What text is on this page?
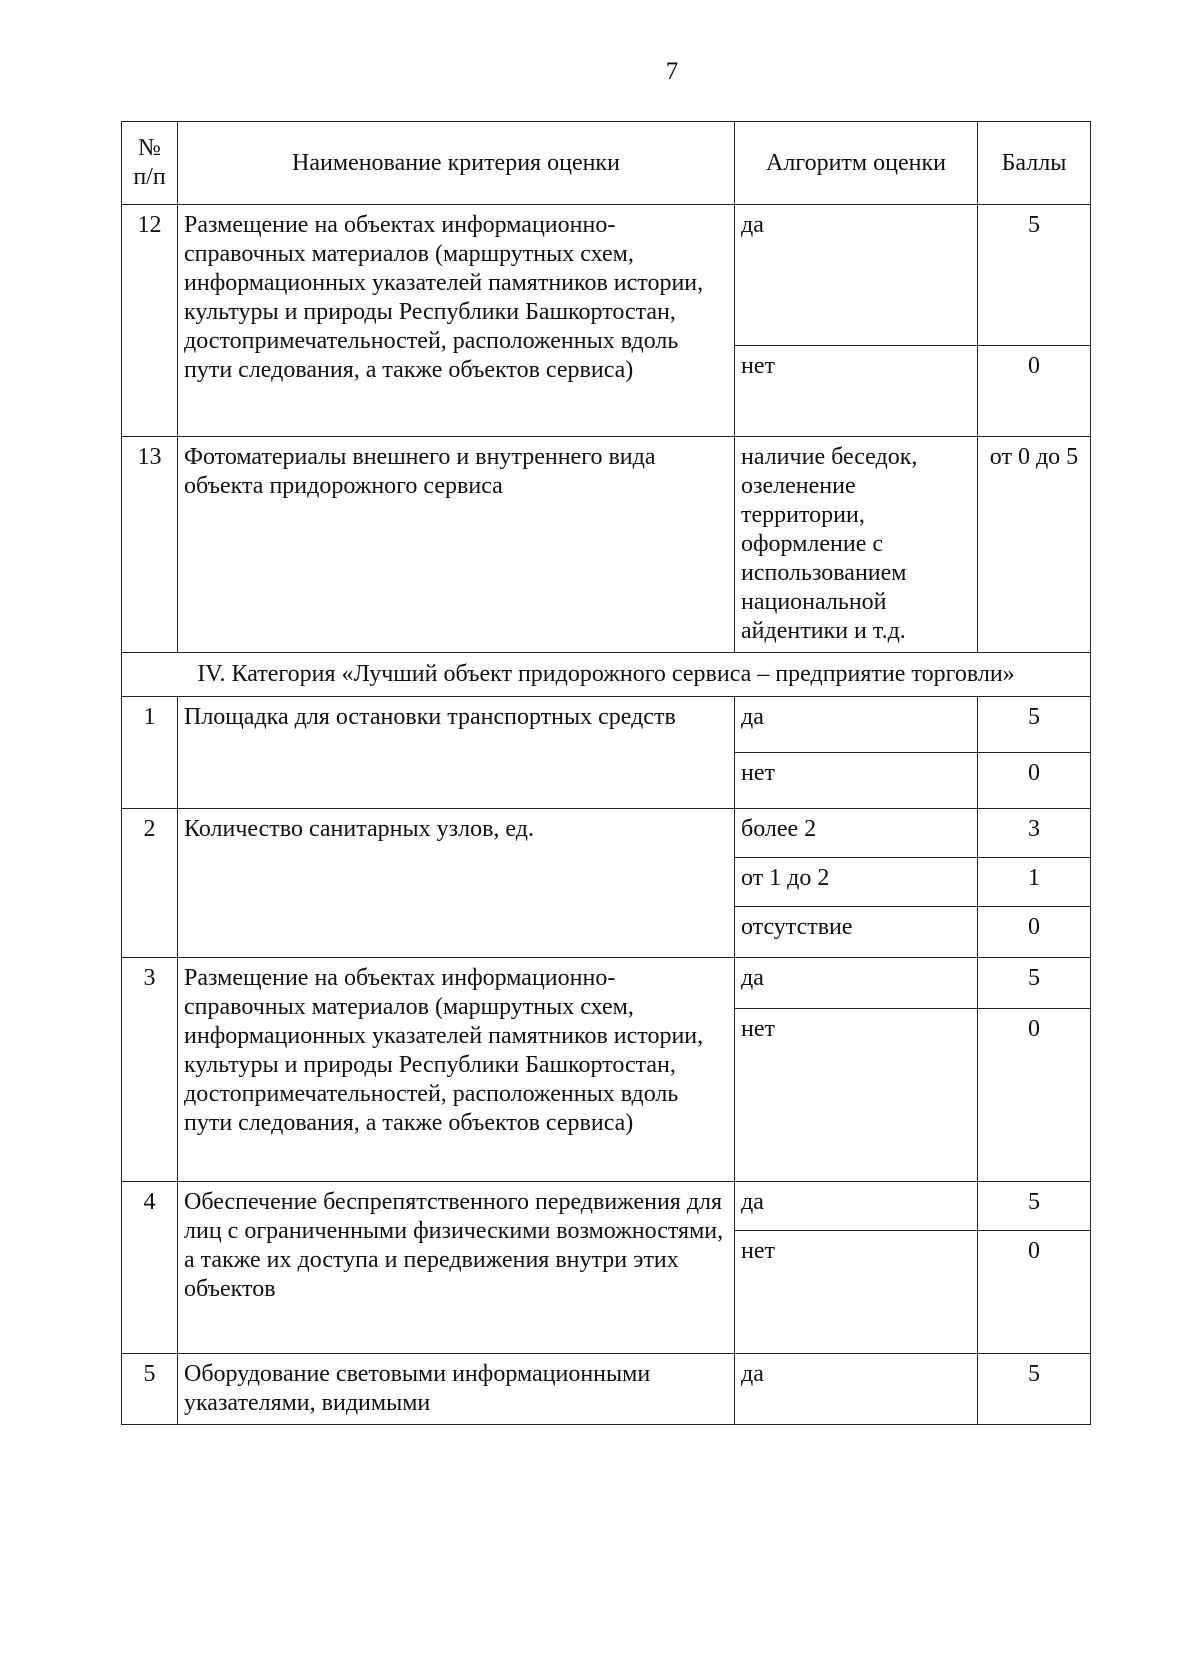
7
№ п/п	Наименование критерия оценки	Алгоритм оценки	Баллы
12	Размещение на объектах информационно-справочных материалов (маршрутных схем, информационных указателей памятников истории, культуры и природы Республики Башкортостан, достопримечательностей, расположенных вдоль пути следования, а также объектов сервиса)	да	5
		нет	0
13	Фотоматериалы внешнего и внутреннего вида объекта придорожного сервиса	наличие беседок, озеленение территории, оформление с использованием национальной айдентики и т.д.	от 0 до 5
IV. Категория «Лучший объект придорожного сервиса – предприятие торговли»			
1	Площадка для остановки транспортных средств	да	5
		нет	0
2	Количество санитарных узлов, ед.	более 2	3
		от 1 до 2	1
		отсутствие	0
3	Размещение на объектах информационно-справочных материалов (маршрутных схем, информационных указателей памятников истории, культуры и природы Республики Башкортостан, достопримечательностей, расположенных вдоль пути следования, а также объектов сервиса)	да	5
		нет	0
4	Обеспечение беспрепятственного передвижения для лиц с ограниченными физическими возможностями, а также их доступа и передвижения внутри этих объектов	да	5
		нет	0
5	Оборудование световыми информационными указателями, видимыми	да	5
